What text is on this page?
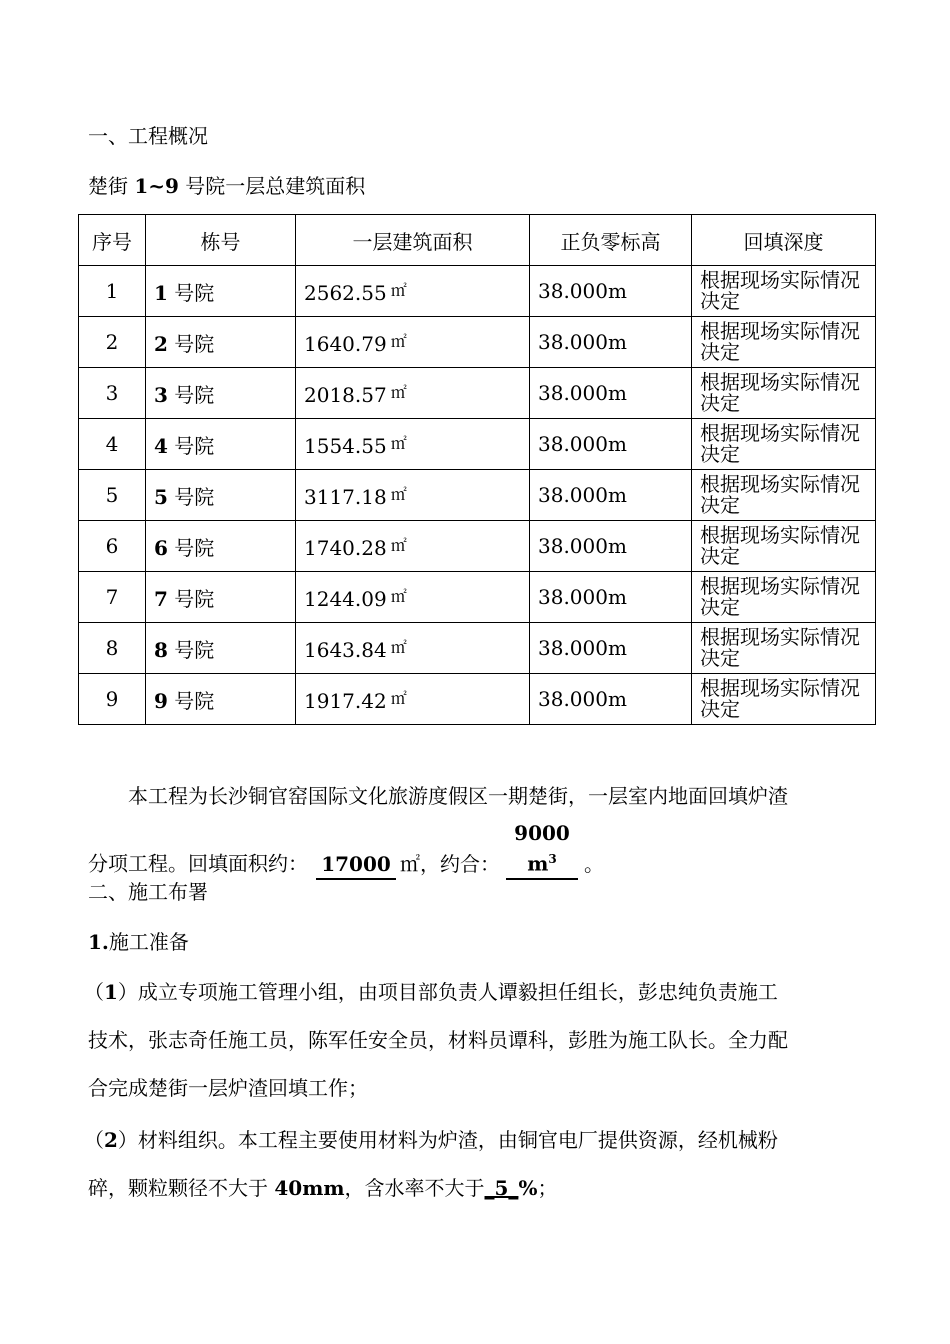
一、工程概况
楚街 1~9 号院一层总建筑面积
序号	栋号	一层建筑面积	正负零标高	回填深度
1	1 号院	2562.55 ㎡	38.000m	根据现场实际情况决定
2	2 号院	1640.79 ㎡	38.000m	根据现场实际情况决定
3	3 号院	2018.57 ㎡	38.000m	根据现场实际情况决定
4	4 号院	1554.55 ㎡	38.000m	根据现场实际情况决定
5	5 号院	3117.18 ㎡	38.000m	根据现场实际情况决定
6	6 号院	1740.28 ㎡	38.000m	根据现场实际情况决定
7	7 号院	1244.09 ㎡	38.000m	根据现场实际情况决定
8	8 号院	1643.84 ㎡	38.000m	根据现场实际情况决定
9	9 号院	1917.42 ㎡	38.000m	根据现场实际情况决定
本工程为长沙铜官窑国际文化旅游度假区一期楚街，一层室内地面回填炉渣
分项工程。回填面积约： 17000 ㎡，约合：9000 $m^3$ 。
二、施工布署
1.施工准备
（1）成立专项施工管理小组，由项目部负责人谭毅担任组长，彭忠纯负责施工
技术，张志奇任施工员，陈军任安全员，材料员谭科，彭胜为施工队长。全力配
合完成楚街一层炉渣回填工作；
（2）材料组织。本工程主要使用材料为炉渣，由铜官电厂提供资源，经机械粉
碎，颗粒颗径不大于 40mm，含水率不大于_5_%；
